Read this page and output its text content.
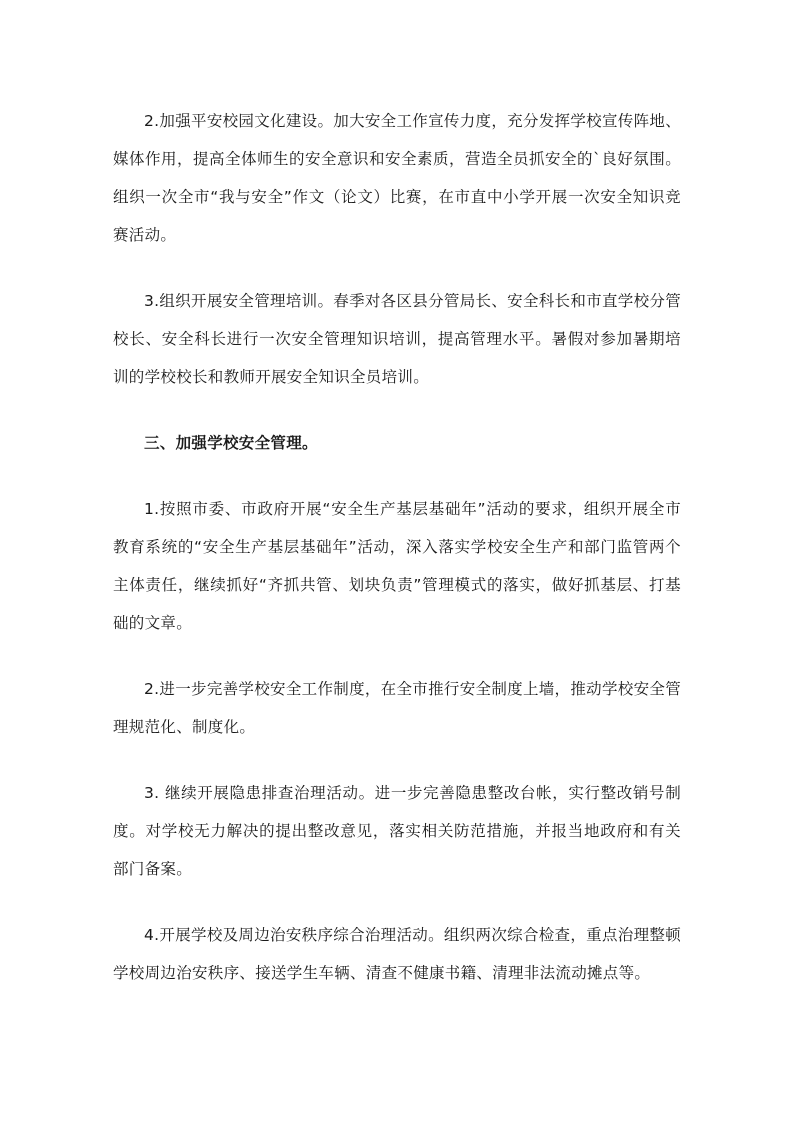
2.加强平安校园文化建设。加大安全工作宣传力度，充分发挥学校宣传阵地、媒体作用，提高全体师生的安全意识和安全素质，营造全员抓安全的`良好氛围。组织一次全市“我与安全”作文（论文）比赛，在市直中小学开展一次安全知识竞赛活动。

3.组织开展安全管理培训。春季对各区县分管局长、安全科长和市直学校分管校长、安全科长进行一次安全管理知识培训，提高管理水平。暑假对参加暑期培训的学校校长和教师开展安全知识全员培训。

三、加强学校安全管理。

1.按照市委、市政府开展“安全生产基层基础年”活动的要求，组织开展全市教育系统的“安全生产基层基础年”活动，深入落实学校安全生产和部门监管两个主体责任，继续抓好“齐抓共管、划块负责”管理模式的落实，做好抓基层、打基础的文章。

2.进一步完善学校安全工作制度，在全市推行安全制度上墙，推动学校安全管理规范化、制度化。

3. 继续开展隐患排查治理活动。进一步完善隐患整改台帐，实行整改销号制度。对学校无力解决的提出整改意见，落实相关防范措施，并报当地政府和有关部门备案。

4.开展学校及周边治安秩序综合治理活动。组织两次综合检查，重点治理整顿学校周边治安秩序、接送学生车辆、清查不健康书籍、清理非法流动摊点等。
